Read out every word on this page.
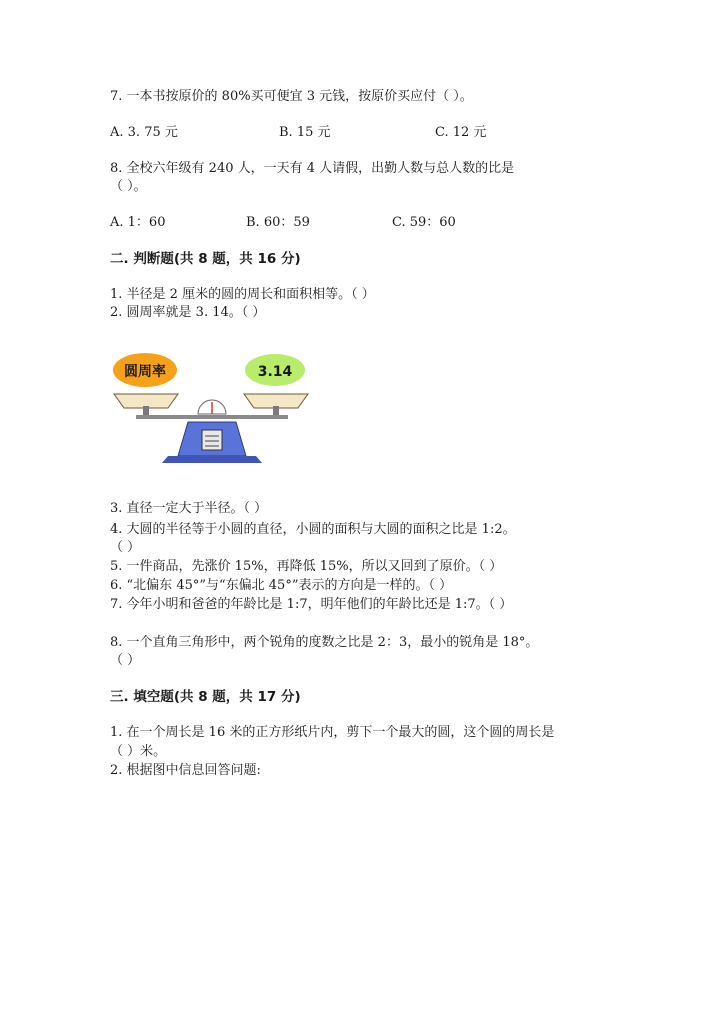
7. 一本书按原价的 80%买可便宜 3 元钱，按原价买应付（ ）。
A. 3. 75 元	B. 15 元	C. 12 元
8. 全校六年级有 240 人，一天有 4 人请假，出勤人数与总人数的比是
（ ）。
A. 1：60	B. 60：59	C. 59：60
二. 判断题(共 8 题，共 16 分)
1. 半径是 2 厘米的圆的周长和面积相等。（ ）
2. 圆周率就是 3. 14。（ ）
圆周率	3.14
3. 直径一定大于半径。（ ）
4. 大圆的半径等于小圆的直径，小圆的面积与大圆的面积之比是 1:2。
（ ）
5. 一件商品，先涨价 15%，再降低 15%，所以又回到了原价。（ ）
6. “北偏东 45°”与“东偏北 45°”表示的方向是一样的。（ ）
7. 今年小明和爸爸的年龄比是 1:7，明年他们的年龄比还是 1:7。（ ）
8. 一个直角三角形中，两个锐角的度数之比是 2：3，最小的锐角是 18°。
（ ）
三. 填空题(共 8 题，共 17 分)
1. 在一个周长是 16 米的正方形纸片内，剪下一个最大的圆，这个圆的周长是
（ ）米。
2. 根据图中信息回答问题:
